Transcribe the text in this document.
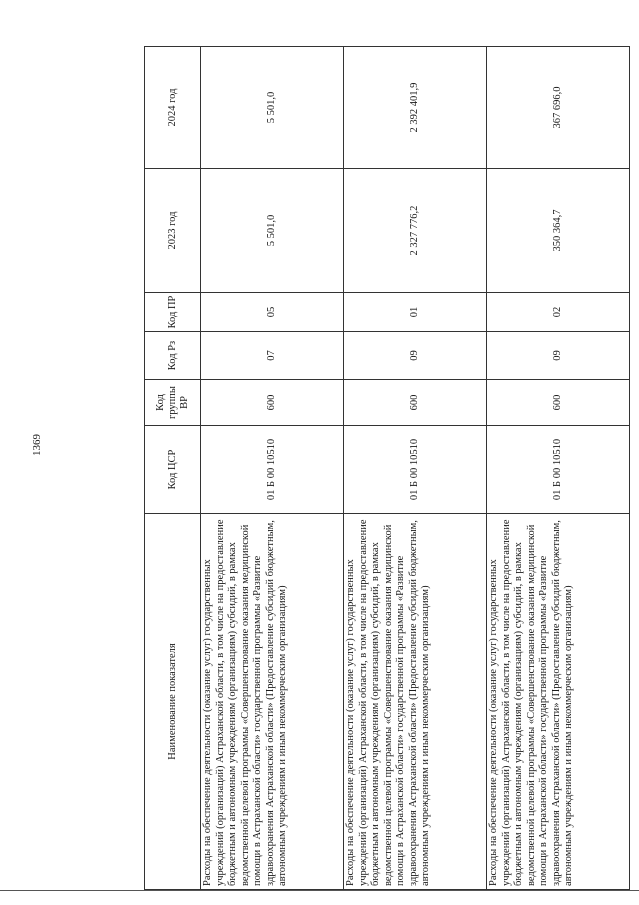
1369
Наименование показателя	Код ЦСР	Код группы ВР	Код Рз	Код ПР	2023 год	2024 год
Расходы на обеспечение деятельности (оказание услуг) государственных учреждений (организаций) Астраханской области, в том числе на предоставление бюджетным и автономным учреждениям (организациям) субсидий, в рамках ведомственной целевой программы «Совершенствование оказания медицинской помощи в Астраханской области» государственной программы «Развитие здравоохранения Астраханской области» (Предоставление субсидий бюджетным, автономным учреждениям и иным некоммерческим организациям)	01 Б 00 10510	600	07	05	5 501,0	5 501,0
Расходы на обеспечение деятельности (оказание услуг) государственных учреждений (организаций) Астраханской области, в том числе на предоставление бюджетным и автономным учреждениям (организациям) субсидий, в рамках ведомственной целевой программы «Совершенствование оказания медицинской помощи в Астраханской области» государственной программы «Развитие здравоохранения Астраханской области» (Предоставление субсидий бюджетным, автономным учреждениям и иным некоммерческим организациям)	01 Б 00 10510	600	09	01	2 327 776,2	2 392 401,9
Расходы на обеспечение деятельности (оказание услуг) государственных учреждений (организаций) Астраханской области, в том числе на предоставление бюджетным и автономным учреждениям (организациям) субсидий, в рамках ведомственной целевой программы «Совершенствование оказания медицинской помощи в Астраханской области» государственной программы «Развитие здравоохранения Астраханской области» (Предоставление субсидий бюджетным, автономным учреждениям и иным некоммерческим организациям)	01 Б 00 10510	600	09	02	350 364,7	367 696,0
